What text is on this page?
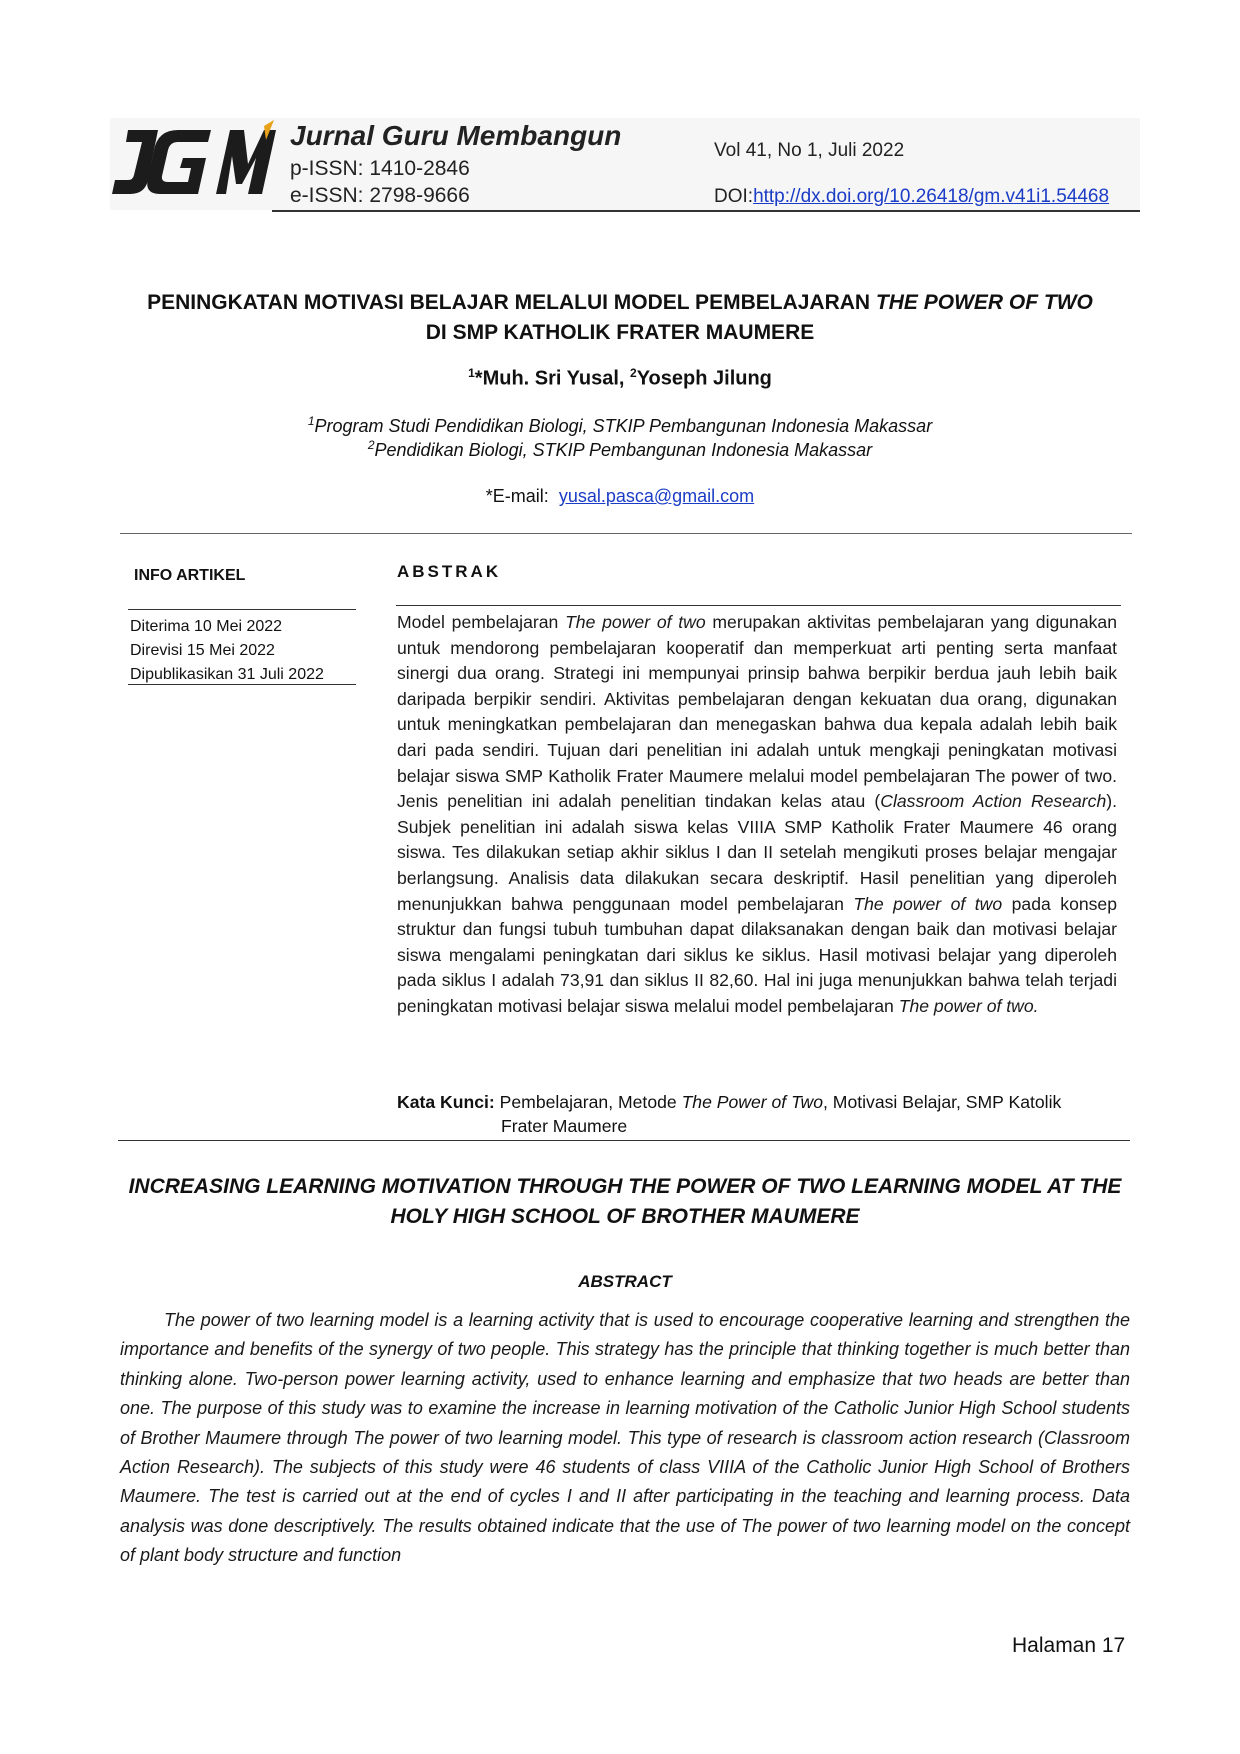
Jurnal Guru Membangun
p-ISSN: 1410-2846
e-ISSN: 2798-9666
Vol 41, No 1, Juli 2022
DOI:http://dx.doi.org/10.26418/gm.v41i1.54468
PENINGKATAN MOTIVASI BELAJAR MELALUI MODEL PEMBELAJARAN THE POWER OF TWO
DI SMP KATHOLIK FRATER MAUMERE
$^1$*Muh. Sri Yusal, $^2$Yoseph Jilung
$^1$Program Studi Pendidikan Biologi, STKIP Pembangunan Indonesia Makassar
$^2$Pendidikan Biologi, STKIP Pembangunan Indonesia Makassar
*E-mail: yusal.pasca@gmail.com
INFO ARTIKEL
Diterima 10 Mei 2022
Direvisi 15 Mei 2022
Dipublikasikan 31 Juli 2022
ABSTRAK
Model pembelajaran The power of two merupakan aktivitas pembelajaran yang digunakan untuk mendorong pembelajaran kooperatif dan memperkuat arti penting serta manfaat sinergi dua orang. Strategi ini mempunyai prinsip bahwa berpikir berdua jauh lebih baik daripada berpikir sendiri. Aktivitas pembelajaran dengan kekuatan dua orang, digunakan untuk meningkatkan pembelajaran dan menegaskan bahwa dua kepala adalah lebih baik dari pada sendiri. Tujuan dari penelitian ini adalah untuk mengkaji peningkatan motivasi belajar siswa SMP Katholik Frater Maumere melalui model pembelajaran The power of two. Jenis penelitian ini adalah penelitian tindakan kelas atau (Classroom Action Research). Subjek penelitian ini adalah siswa kelas VIIIA SMP Katholik Frater Maumere 46 orang siswa. Tes dilakukan setiap akhir siklus I dan II setelah mengikuti proses belajar mengajar berlangsung. Analisis data dilakukan secara deskriptif. Hasil penelitian yang diperoleh menunjukkan bahwa penggunaan model pembelajaran The power of two pada konsep struktur dan fungsi tubuh tumbuhan dapat dilaksanakan dengan baik dan motivasi belajar siswa mengalami peningkatan dari siklus ke siklus. Hasil motivasi belajar yang diperoleh pada siklus I adalah 73,91 dan siklus II 82,60. Hal ini juga menunjukkan bahwa telah terjadi peningkatan motivasi belajar siswa melalui model pembelajaran The power of two.
Kata Kunci: Pembelajaran, Metode The Power of Two, Motivasi Belajar, SMP Katolik
Frater Maumere
INCREASING LEARNING MOTIVATION THROUGH THE POWER OF TWO LEARNING MODEL AT THE
HOLY HIGH SCHOOL OF BROTHER MAUMERE
ABSTRACT
The power of two learning model is a learning activity that is used to encourage cooperative learning and strengthen the importance and benefits of the synergy of two people. This strategy has the principle that thinking together is much better than thinking alone. Two-person power learning activity, used to enhance learning and emphasize that two heads are better than one. The purpose of this study was to examine the increase in learning motivation of the Catholic Junior High School students of Brother Maumere through The power of two learning model. This type of research is classroom action research (Classroom Action Research). The subjects of this study were 46 students of class VIIIA of the Catholic Junior High School of Brothers Maumere. The test is carried out at the end of cycles I and II after participating in the teaching and learning process. Data analysis was done descriptively. The results obtained indicate that the use of The power of two learning model on the concept of plant body structure and function
Halaman 17
